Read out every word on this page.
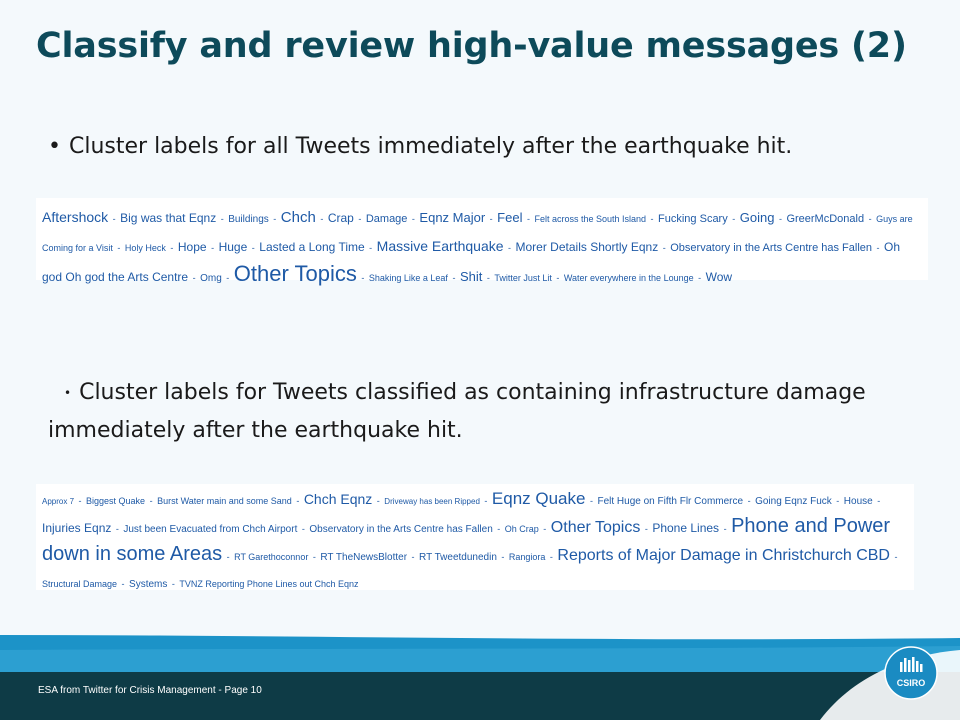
Classify and review high-value messages (2)
• Cluster labels for all Tweets immediately after the earthquake hit.
Aftershock - Big was that Eqnz - Buildings - Chch - Crap - Damage - Eqnz Major - Feel - Felt across the South Island - Fucking Scary - Going - GreerMcDonald - Guys are Coming for a Visit - Holy Heck - Hope - Huge - Lasted a Long Time - Massive Earthquake - Morer Details Shortly Eqnz - Observatory in the Arts Centre has Fallen - Oh god Oh god the Arts Centre - Omg - Other Topics - Shaking Like a Leaf - Shit - Twitter Just Lit - Water everywhere in the Lounge - Wow
• Cluster labels for Tweets classified as containing infrastructure damage immediately after the earthquake hit.
Approx 7 - Biggest Quake - Burst Water main and some Sand - Chch Eqnz - Driveway has been Ripped - Eqnz Quake - Felt Huge on Fifth Flr Commerce - Going Eqnz Fuck - House - Injuries Eqnz - Just been Evacuated from Chch Airport - Observatory in the Arts Centre has Fallen - Oh Crap - Other Topics - Phone Lines - Phone and Power down in some Areas - RT Garethoconnor - RT TheNewsBlotter - RT Tweetdunedin - Rangiora - Reports of Major Damage in Christchurch CBD - Structural Damage - Systems - TVNZ Reporting Phone Lines out Chch Eqnz
ESA from Twitter for Crisis Management - Page 10
CSIRO
